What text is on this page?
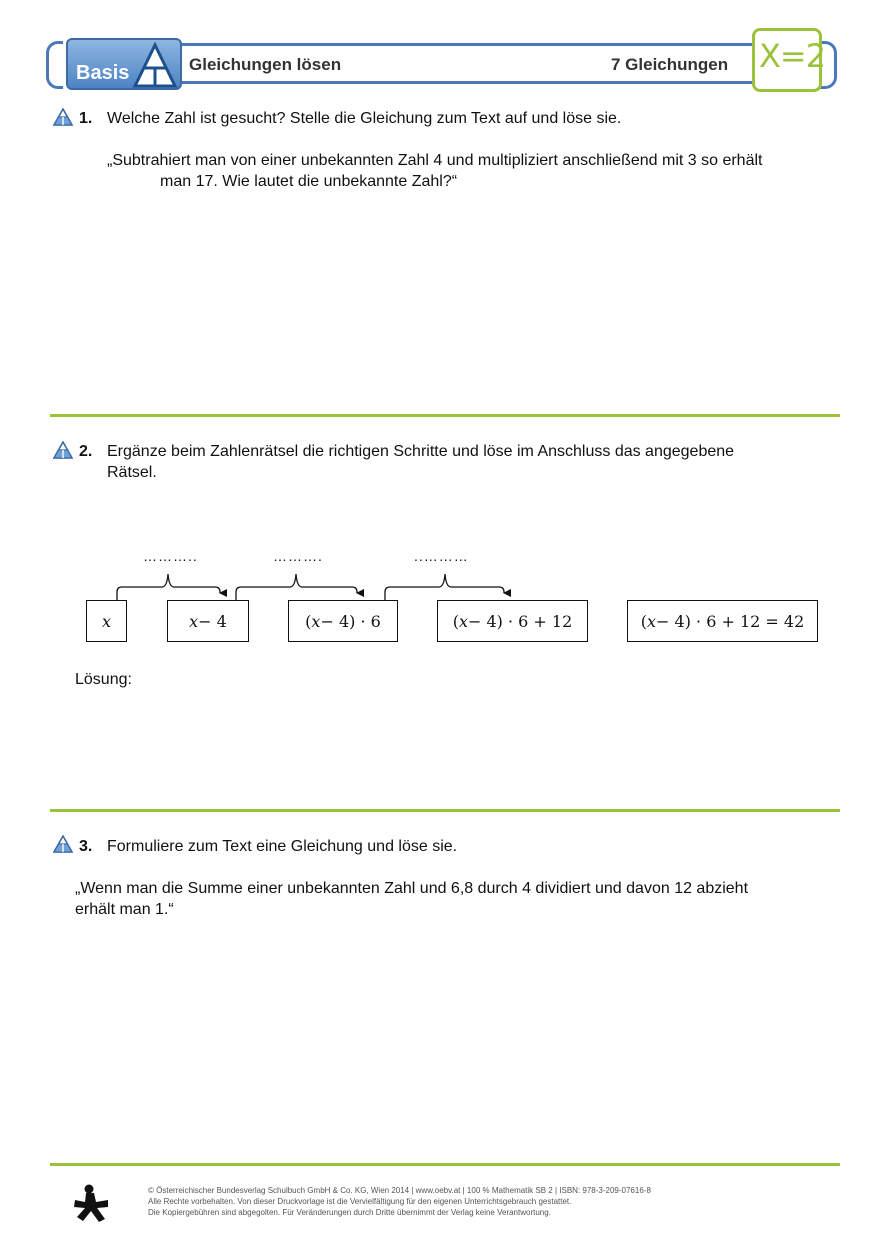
Basis	Gleichungen lösen	7 Gleichungen X=2
1. Welche Zahl ist gesucht? Stelle die Gleichung zum Text auf und löse sie.
„Subtrahiert man von einer unbekannten Zahl 4 und multipliziert anschließend mit 3 so erhält
man 17. Wie lautet die unbekannte Zahl?“
2. Ergänze beim Zahlenrätsel die richtigen Schritte und löse im Anschluss das angegebene
Rätsel.
………..	……….	..………
x	x − 4	( x − 4) · 6	( x − 4) · 6 + 12	( x − 4) · 6 + 12 = 42
Lösung:
3. Formuliere zum Text eine Gleichung und löse sie.
„Wenn man die Summe einer unbekannten Zahl und 6,8 durch 4 dividiert und davon 12 abzieht
erhält man 1.“
© Österreichischer Bundesverlag Schulbuch GmbH & Co. KG, Wien 2014 | www.oebv.at | 100 % Mathematik SB 2 | ISBN: 978-3-209-07616-8
Alle Rechte vorbehalten. Von dieser Druckvorlage ist die Vervielfältigung für den eigenen Unterrichtsgebrauch gestattet.
Die Kopiergebühren sind abgegolten. Für Veränderungen durch Dritte übernimmt der Verlag keine Verantwortung.
